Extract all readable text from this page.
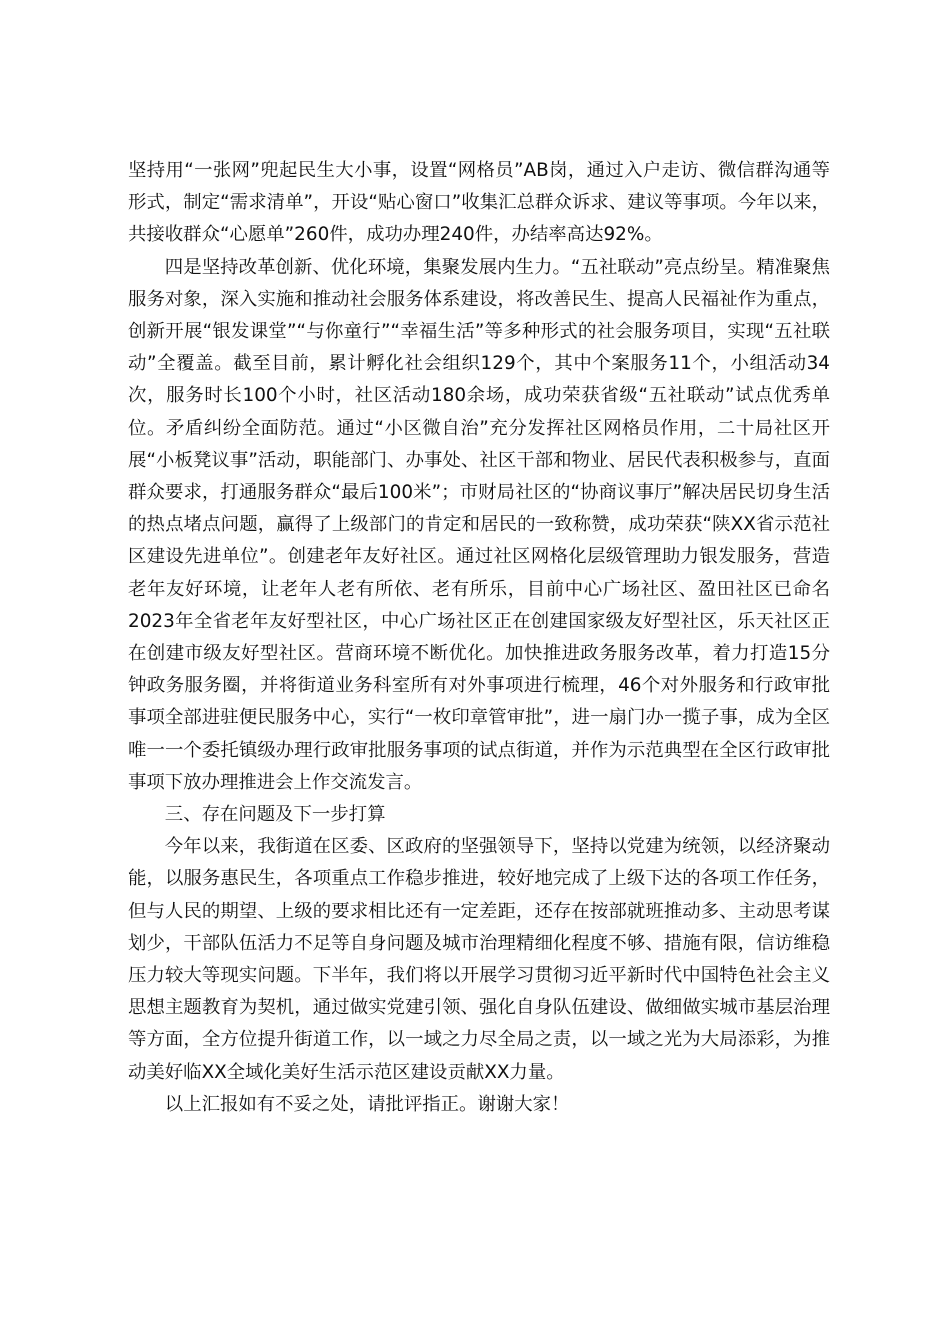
坚持用“一张网”兜起民生大小事，设置“网格员”AB岗，通过入户走访、微信群沟通等形式，制定“需求清单”，开设“贴心窗口”收集汇总群众诉求、建议等事项。今年以来，共接收群众“心愿单”260件，成功办理240件，办结率高达92%。

四是坚持改革创新、优化环境，集聚发展内生力。“五社联动”亮点纷呈。精准聚焦服务对象，深入实施和推动社会服务体系建设，将改善民生、提高人民福祉作为重点，创新开展“银发课堂”“与你童行”“幸福生活”等多种形式的社会服务项目，实现“五社联动”全覆盖。截至目前，累计孵化社会组织129个，其中个案服务11个，小组活动34次，服务时长100个小时，社区活动180余场，成功荣获省级“五社联动”试点优秀单位。矛盾纠纷全面防范。通过“小区微自治”充分发挥社区网格员作用，二十局社区开展“小板凳议事”活动，职能部门、办事处、社区干部和物业、居民代表积极参与，直面群众要求，打通服务群众“最后100米”；市财局社区的“协商议事厅”解决居民切身生活的热点堵点问题，赢得了上级部门的肯定和居民的一致称赞，成功荣获“陕XX省示范社区建设先进单位”。创建老年友好社区。通过社区网格化层级管理助力银发服务，营造老年友好环境，让老年人老有所依、老有所乐，目前中心广场社区、盈田社区已命名2023年全省老年友好型社区，中心广场社区正在创建国家级友好型社区，乐天社区正在创建市级友好型社区。营商环境不断优化。加快推进政务服务改革，着力打造15分钟政务服务圈，并将街道业务科室所有对外事项进行梳理，46个对外服务和行政审批事项全部进驻便民服务中心，实行“一枚印章管审批”，进一扇门办一揽子事，成为全区唯一一个委托镇级办理行政审批服务事项的试点街道，并作为示范典型在全区行政审批事项下放办理推进会上作交流发言。

三、存在问题及下一步打算

今年以来，我街道在区委、区政府的坚强领导下，坚持以党建为统领，以经济聚动能，以服务惠民生，各项重点工作稳步推进，较好地完成了上级下达的各项工作任务，但与人民的期望、上级的要求相比还有一定差距，还存在按部就班推动多、主动思考谋划少，干部队伍活力不足等自身问题及城市治理精细化程度不够、措施有限，信访维稳压力较大等现实问题。下半年，我们将以开展学习贯彻习近平新时代中国特色社会主义思想主题教育为契机，通过做实党建引领、强化自身队伍建设、做细做实城市基层治理等方面，全方位提升街道工作，以一域之力尽全局之责，以一域之光为大局添彩，为推动美好临XX全域化美好生活示范区建设贡献XX力量。

以上汇报如有不妥之处，请批评指正。谢谢大家！
